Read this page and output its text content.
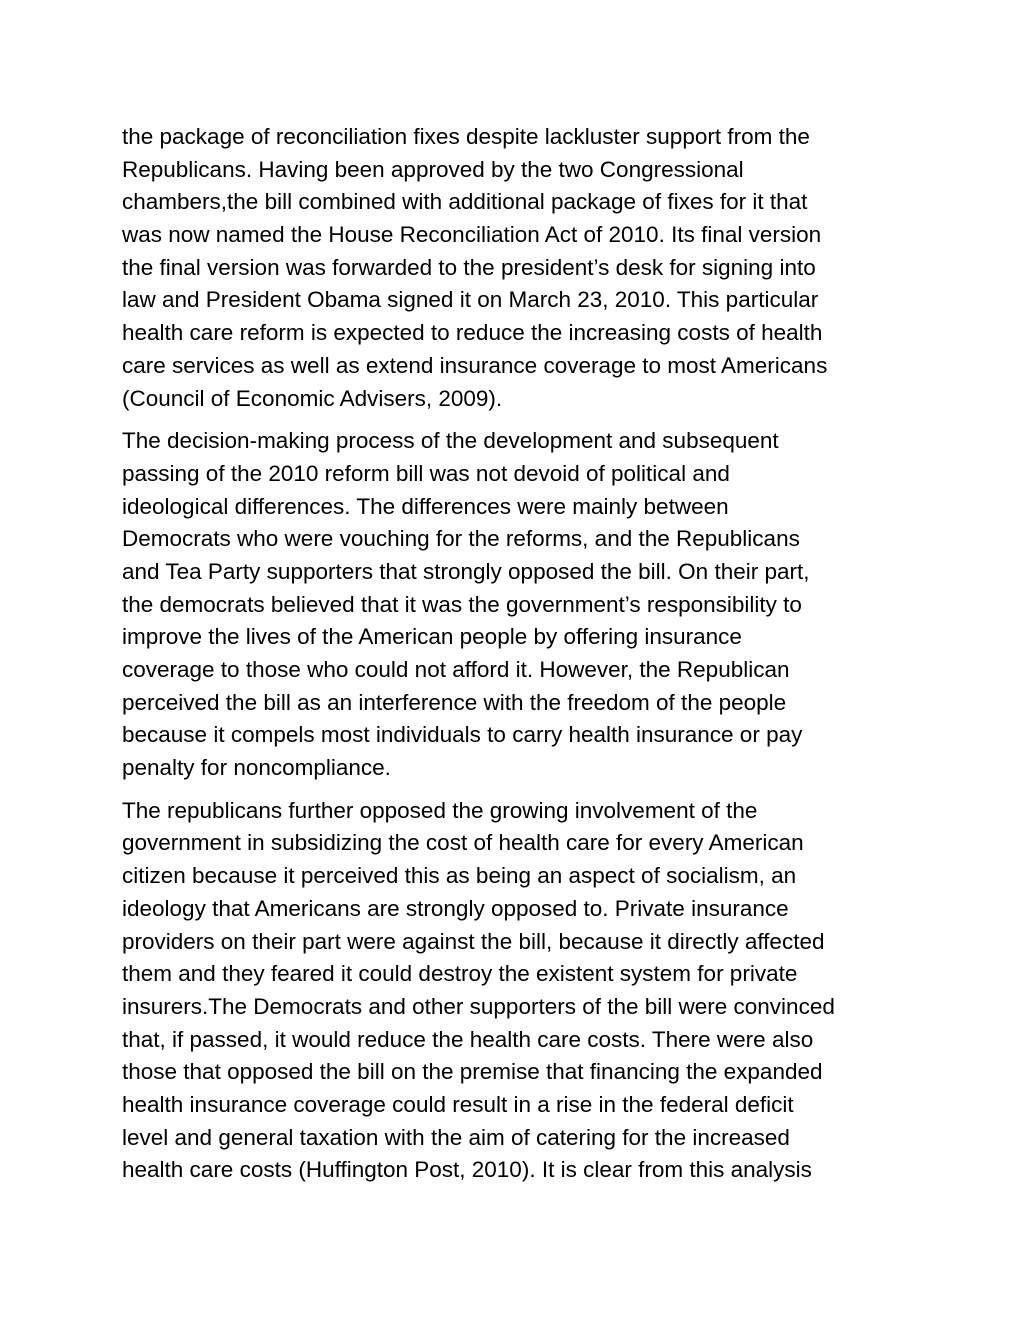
the package of reconciliation fixes despite lackluster support from the
Republicans. Having been approved by the two Congressional
chambers,the bill combined with additional package of fixes for it that
was now named the House Reconciliation Act of 2010. Its final version
the final version was forwarded to the president’s desk for signing into
law and President Obama signed it on March 23, 2010. This particular
health care reform is expected to reduce the increasing costs of health
care services as well as extend insurance coverage to most Americans
(Council of Economic Advisers, 2009).

The decision-making process of the development and subsequent
passing of the 2010 reform bill was not devoid of political and
ideological differences. The differences were mainly between
Democrats who were vouching for the reforms, and the Republicans
and Tea Party supporters that strongly opposed the bill. On their part,
the democrats believed that it was the government’s responsibility to
improve the lives of the American people by offering insurance
coverage to those who could not afford it. However, the Republican
perceived the bill as an interference with the freedom of the people
because it compels most individuals to carry health insurance or pay
penalty for noncompliance.

The republicans further opposed the growing involvement of the
government in subsidizing the cost of health care for every American
citizen because it perceived this as being an aspect of socialism, an
ideology that Americans are strongly opposed to. Private insurance
providers on their part were against the bill, because it directly affected
them and they feared it could destroy the existent system for private
insurers.The Democrats and other supporters of the bill were convinced
that, if passed, it would reduce the health care costs. There were also
those that opposed the bill on the premise that financing the expanded
health insurance coverage could result in a rise in the federal deficit
level and general taxation with the aim of catering for the increased
health care costs (Huffington Post, 2010). It is clear from this analysis
